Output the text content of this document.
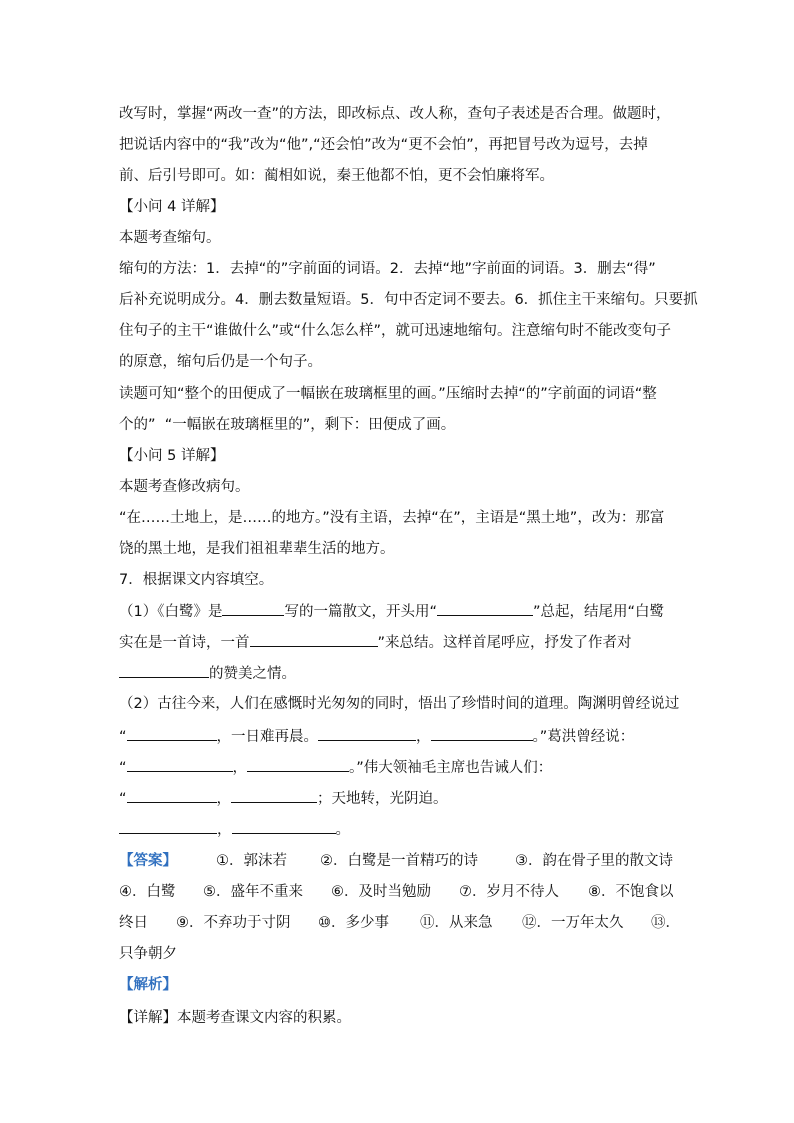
改写时，掌握“两改一查”的方法，即改标点、改人称，查句子表述是否合理。做题时，
把说话内容中的“我”改为“他”,“还会怕”改为“更不会怕”，再把冒号改为逗号，去掉
前、后引号即可。如：蔺相如说，秦王他都不怕，更不会怕廉将军。
【小问 4 详解】
本题考查缩句。
缩句的方法：1．去掉“的”字前面的词语。2．去掉“地”字前面的词语。3．删去“得”
后补充说明成分。4．删去数量短语。5．句中否定词不要去。6．抓住主干来缩句。只要抓
住句子的主干“谁做什么”或“什么怎么样”，就可迅速地缩句。注意缩句时不能改变句子
的原意，缩句后仍是一个句子。
读题可知“整个的田便成了一幅嵌在玻璃框里的画。”压缩时去掉“的”字前面的词语“整
个的”  “一幅嵌在玻璃框里的”，剩下：田便成了画。
【小问 5 详解】
本题考查修改病句。
“在……土地上，是……的地方。”没有主语，去掉“在”，主语是“黑土地”，改为：那富
饶的黑土地，是我们祖祖辈辈生活的地方。
7．根据课文内容填空。
（1）《白鹭》是	写的一篇散文，开头用“	”总起，结尾用“白鹭
实在是一首诗，一首	”来总结。这样首尾呼应，抒发了作者对
的赞美之情。
（2）古往今来，人们在感慨时光匆匆的同时，悟出了珍惜时间的道理。陶渊明曾经说过
“	，一日难再晨。	，	。”葛洪曾经说：
“	，	。”伟大领袖毛主席也告诫人们：
“	，	；天地转，光阴迫。
，	。
【答案】	①．郭沫若 ②．白鹭是一首精巧的诗	③．韵在骨子里的散文诗
④．白鹭 ⑤．盛年不重来 ⑥．及时当勉励 ⑦．岁月不待人 ⑧．不饱食以
终日 ⑨．不弃功于寸阴 ⑩．多少事 ⑪．从来急 ⑫．一万年太久 ⑬．
只争朝夕
【解析】
【详解】本题考查课文内容的积累。
